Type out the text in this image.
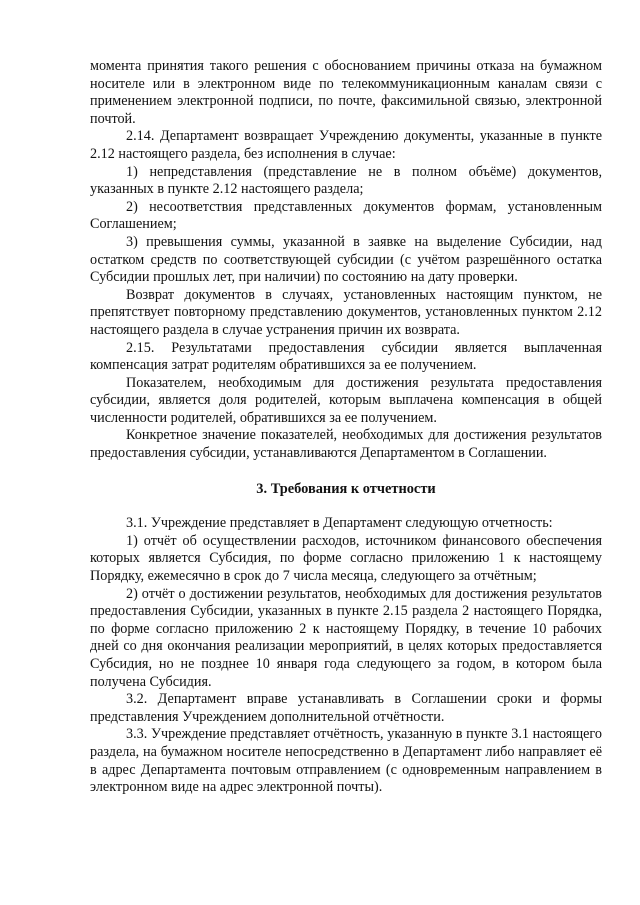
момента принятия такого решения с обоснованием причины отказа на бумажном носителе или в электронном виде по телекоммуникационным каналам связи с применением электронной подписи, по почте, факсимильной связью, электронной почтой.

2.14. Департамент возвращает Учреждению документы, указанные в пункте 2.12 настоящего раздела, без исполнения в случае:

1) непредставления (представление не в полном объёме) документов, указанных в пункте 2.12 настоящего раздела;

2) несоответствия представленных документов формам, установленным Соглашением;

3) превышения суммы, указанной в заявке на выделение Субсидии, над остатком средств по соответствующей субсидии (с учётом разрешённого остатка Субсидии прошлых лет, при наличии) по состоянию на дату проверки.

Возврат документов в случаях, установленных настоящим пунктом, не препятствует повторному представлению документов, установленных пунктом 2.12 настоящего раздела в случае устранения причин их возврата.

2.15. Результатами предоставления субсидии является выплаченная компенсация затрат родителям обратившихся за ее получением.

Показателем, необходимым для достижения результата предоставления субсидии, является доля родителей, которым выплачена компенсация в общей численности родителей, обратившихся за ее получением.

Конкретное значение показателей, необходимых для достижения результатов предоставления субсидии, устанавливаются Департаментом в Соглашении.

3. Требования к отчетности

3.1. Учреждение представляет в Департамент следующую отчетность:

1) отчёт об осуществлении расходов, источником финансового обеспечения которых является Субсидия, по форме согласно приложению 1 к настоящему Порядку, ежемесячно в срок до 7 числа месяца, следующего за отчётным;

2) отчёт о достижении результатов, необходимых для достижения результатов предоставления Субсидии, указанных в пункте 2.15 раздела 2 настоящего Порядка, по форме согласно приложению 2 к настоящему Порядку, в течение 10 рабочих дней со дня окончания реализации мероприятий, в целях которых предоставляется Субсидия, но не позднее 10 января года следующего за годом, в котором была получена Субсидия.

3.2. Департамент вправе устанавливать в Соглашении сроки и формы представления Учреждением дополнительной отчётности.

3.3. Учреждение представляет отчётность, указанную в пункте 3.1 настоящего раздела, на бумажном носителе непосредственно в Департамент либо направляет её в адрес Департамента почтовым отправлением (с одновременным направлением в электронном виде на адрес электронной почты).
